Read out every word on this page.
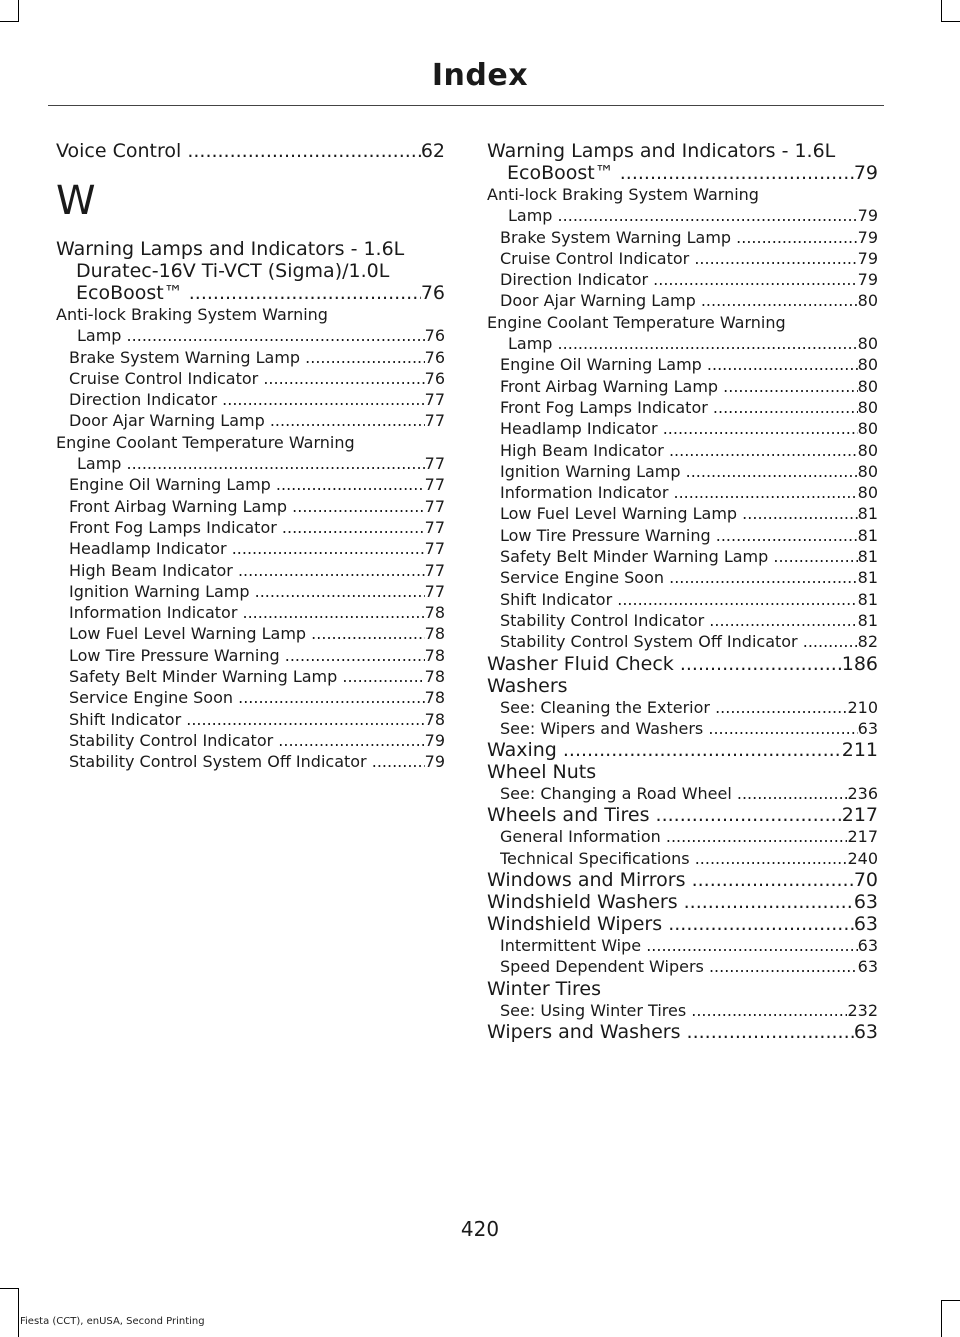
Index
Voice Control .....	62
W
Warning Lamps and Indicators - 1.6L
Duratec-16V Ti-VCT (Sigma)/1.0L
EcoBoost™ .....	76
Anti-lock Braking System Warning
Lamp .....	76
Brake System Warning Lamp .....	76
Cruise Control Indicator .....	76
Direction Indicator .....	77
Door Ajar Warning Lamp .....	77
Engine Coolant Temperature Warning
Lamp .....	77
Engine Oil Warning Lamp .....	77
Front Airbag Warning Lamp .....	77
Front Fog Lamps Indicator .....	77
Headlamp Indicator .....	77
High Beam Indicator .....	77
Ignition Warning Lamp .....	77
Information Indicator .....	78
Low Fuel Level Warning Lamp .....	78
Low Tire Pressure Warning .....	78
Safety Belt Minder Warning Lamp .....	78
Service Engine Soon .....	78
Shift Indicator .....	78
Stability Control Indicator .....	79
Stability Control System Off Indicator .....	79
Warning Lamps and Indicators - 1.6L
EcoBoost™ .....	79
Anti-lock Braking System Warning
Lamp .....	79
Brake System Warning Lamp .....	79
Cruise Control Indicator .....	79
Direction Indicator .....	79
Door Ajar Warning Lamp .....	80
Engine Coolant Temperature Warning
Lamp .....	80
Engine Oil Warning Lamp .....	80
Front Airbag Warning Lamp .....	80
Front Fog Lamps Indicator .....	80
Headlamp Indicator .....	80
High Beam Indicator .....	80
Ignition Warning Lamp .....	80
Information Indicator .....	80
Low Fuel Level Warning Lamp .....	81
Low Tire Pressure Warning .....	81
Safety Belt Minder Warning Lamp .....	81
Service Engine Soon .....	81
Shift Indicator .....	81
Stability Control Indicator .....	81
Stability Control System Off Indicator .....	82
Washer Fluid Check .....	186
Washers
See: Cleaning the Exterior .....	210
See: Wipers and Washers .....	63
Waxing .....	211
Wheel Nuts
See: Changing a Road Wheel .....	236
Wheels and Tires .....	217
General Information .....	217
Technical Specifications .....	240
Windows and Mirrors .....	70
Windshield Washers .....	63
Windshield Wipers .....	63
Intermittent Wipe .....	63
Speed Dependent Wipers .....	63
Winter Tires
See: Using Winter Tires .....	232
Wipers and Washers .....	63
420
Fiesta (CCT), enUSA, Second Printing
